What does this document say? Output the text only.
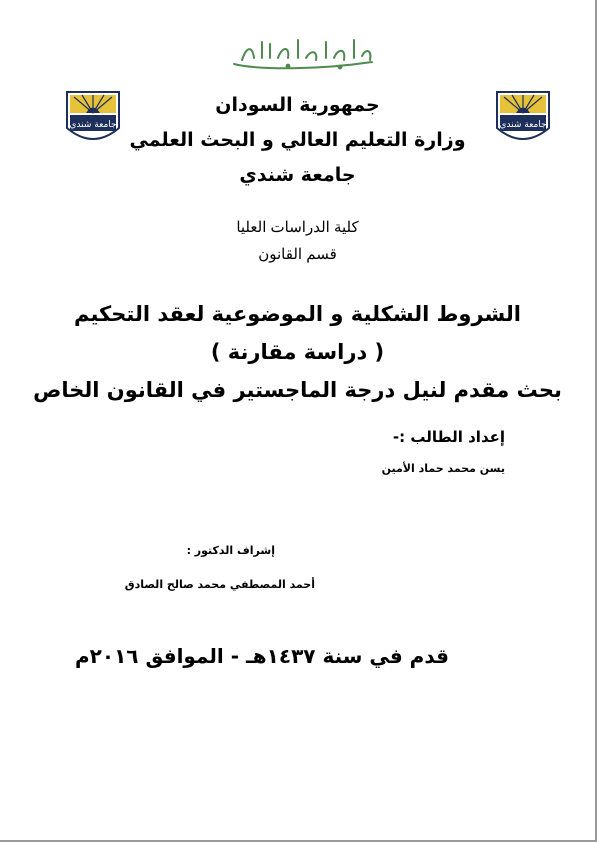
جامعة شندي	جامعة شندي
جمهورية السودان
وزارة التعليم العالي و البحث العلمي
جامعة شندي
كلية الدراسات العليا
قسم القانون
الشروط الشكلية و الموضوعية لعقد التحكيم
( دراسة مقارنة )
بحث مقدم لنيل درجة الماجستير في القانون الخاص
إعداد الطالب :-
يسن محمد حماد الأمين
إشراف الدكتور :
أحمد المصطفي محمد صالح الصادق
قدم في سنة ١٤٣٧هـ - الموافق ٢٠١٦م
